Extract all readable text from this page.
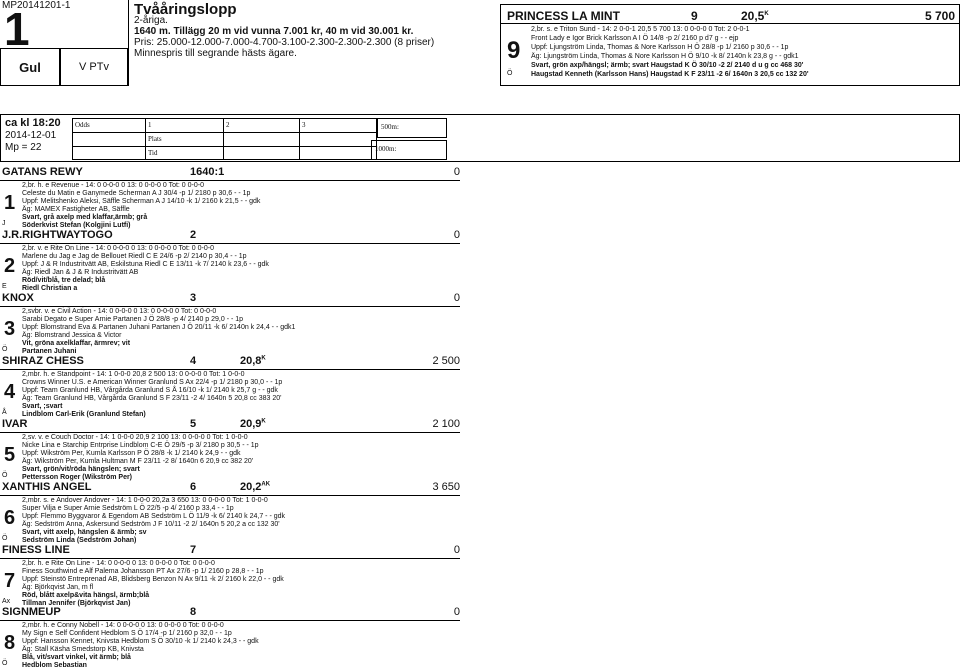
MP20141201-1
1
Gul	V PTv
Tvååringslopp
2-åriga.
1640 m. Tillägg 20 m vid vunna 7.001 kr, 40 m vid 30.001 kr.
Pris: 25.000-12.000-7.000-4.700-3.100-2.300-2.300-2.300 (8 priser)
Minnespris till segrande hästs ägare.
PRINCESS LA MINT	9	$20,5^K$	5 700
9
Ö
2,br. s. e Triton Sund - 14: 2 0-0-1 20,5 5 700 13: 0 0-0-0 0 Tot: 2 0-0-1
Front Lady e Igor Brick Karlsson A I Ö 14/8 -p 2/ 2160 p d7 g - - ejp
Uppf: Ljungström Linda, Thomas & Nore Karlsson H Ö 28/8 -p 1/ 2160 p 30,6 - - 1p
Äg: Ljungström Linda, Thomas & Nore Karlsson H Ö 9/10 -k 8/ 2140n k 23,8 g - - gdk1
Svart, grön axp/hängsl; ärmb; svart Haugstad K Ö 30/10 -2 2/ 2140 d u g cc 468 30'
Haugstad Kenneth (Karlsson Hans) Haugstad K F 23/11 -2 6/ 1640n 3 20,5 cc 132 20'
ca kl 18:20
2014-12-01
Mp = 22
Odds
Plats
Tid
1	2	3	500m:
1000m:
GATANS REWY	1640:1	0
1
J
2,br. h. e Revenue - 14: 0 0-0-0 0 13: 0 0-0-0 0 Tot: 0 0-0-0
Celeste du Matin e Ganymede Scherman A J 30/4 -p 1/ 2180 p 30,6 - - 1p
Uppf: Melitshenko Aleksi, Säffle Scherman A J 14/10 -k 1/ 2160 k 21,5 - - gdk
Äg: MAMEX Fastigheter AB, Säffle
Svart, grå axelp med klaffar,ärmb; grå
Söderkvist Stefan (Kolgjini Lutfi)
J.R.RIGHTWAYTOGO	2	0
2
E
2,br. v. e Rite On Line - 14: 0 0-0-0 0 13: 0 0-0-0 0 Tot: 0 0-0-0
Marlene du Jag e Jag de Bellouet Riedl C E 24/6 -p 2/ 2140 p 30,4 - - 1p
Uppf: J & R Industritvätt AB, Eskilstuna Riedl C E 13/11 -k 7/ 2140 k 23,6 - - gdk
Äg: Riedl Jan & J & R Industritvätt AB
Röd/vit/blå, tre delad; blå
Riedl Christian a
KNOX	3	0
3
Ö
2,svbr. v. e Civil Action - 14: 0 0-0-0 0 13: 0 0-0-0 0 Tot: 0 0-0-0
Sarabi Degato e Super Arnie Partanen J Ö 28/8 -p 4/ 2140 p 29,0 - - 1p
Uppf: Blomstrand Eva & Partanen Juhani Partanen J Ö 20/11 -k 6/ 2140n k 24,4 - - gdk1
Äg: Blomstrand Jessica & Victor
Vit, gröna axelklaffar, ärmrev; vit
Partanen Juhani
SHIRAZ CHESS	4	$20,8^K$	2 500
4
Å
2,mbr. h. e Standpoint - 14: 1 0-0-0 20,8 2 500 13: 0 0-0-0 0 Tot: 1 0-0-0
Crowns Winner U.S. e American Winner Granlund S Ax 22/4 -p 1/ 2180 p 30,0 - - 1p
Uppf: Team Granlund HB, Vårgårda Granlund S Å 16/10 -k 1/ 2140 k 25,7 g - - gdk
Äg: Team Granlund HB, Vårgårda Granlund S F 23/11 -2 4/ 1640n 5 20,8 cc 383 20'
Svart, ;svart
Lindblom Carl-Erik (Granlund Stefan)
IVAR	5	$20,9^K$	2 100
5
Ö
2,sv. v. e Couch Doctor - 14: 1 0-0-0 20,9 2 100 13: 0 0-0-0 0 Tot: 1 0-0-0
Nicke Lina e Starchip Entrprise Lindblom C-E Ö 29/5 -p 3/ 2180 p 30,5 - - 1p
Uppf: Wikström Per, Kumla Karlsson P Ö 28/8 -k 1/ 2140 k 24,9 - - gdk
Äg: Wikström Per, Kumla Hultman M F 23/11 -2 8/ 1640n 6 20,9 cc 382 20'
Svart, grön/vit/röda hängslen; svart
Pettersson Roger (Wikström Per)
XANTHIS ANGEL	6	$20,2^{AK}$	3 650
6
Ö
2,mbr. s. e Andover Andover - 14: 1 0-0-0 20,2a 3 650 13: 0 0-0-0 0 Tot: 1 0-0-0
Super Vilja e Super Arnie Sedström L Ö 22/5 -p 4/ 2160 p 33,4 - - 1p
Uppf: Flemmo Byggvaror & Egendom AB Sedström L Ö 11/9 -k 6/ 2140 k 24,7 - - gdk
Äg: Sedström Anna, Askersund Sedström J F 10/11 -2 2/ 1640n 5 20,2 a cc 132 30'
Svart, vitt axelp, hängslen & ärmb; sv
Sedström Linda (Sedström Johan)
FINESS LINE	7	0
7
Ax
2,br. h. e Rite On Line - 14: 0 0-0-0 0 13: 0 0-0-0 0 Tot: 0 0-0-0
Finess Southwind e Alf Palema Johansson PT Ax 27/6 -p 1/ 2160 p 28,8 - - 1p
Uppf: Steinstö Entreprenad AB, Blidsberg Benzon N Ax 9/11 -k 2/ 2160 k 22,0 - - gdk
Äg: Björkqvist Jan, m fl
Röd, blått axelp&vita hängsl, ärmb;blå
Tillman Jennifer (Björkqvist Jan)
SIGNMEUP	8	0
8
Ö
2,mbr. h. e Conny Nobell - 14: 0 0-0-0 0 13: 0 0-0-0 0 Tot: 0 0-0-0
My Sign e Self Confident Hedblom S Ö 17/4 -p 1/ 2160 p 32,0 - - 1p
Uppf: Hansson Kennet, Knivsta Hedblom S Ö 30/10 -k 1/ 2140 k 24,3 - - gdk
Äg: Stall Käsha Smedstorp KB, Knivsta
Blå, vit/svart vinkel, vit ärmb; blå
Hedblom Sebastian
